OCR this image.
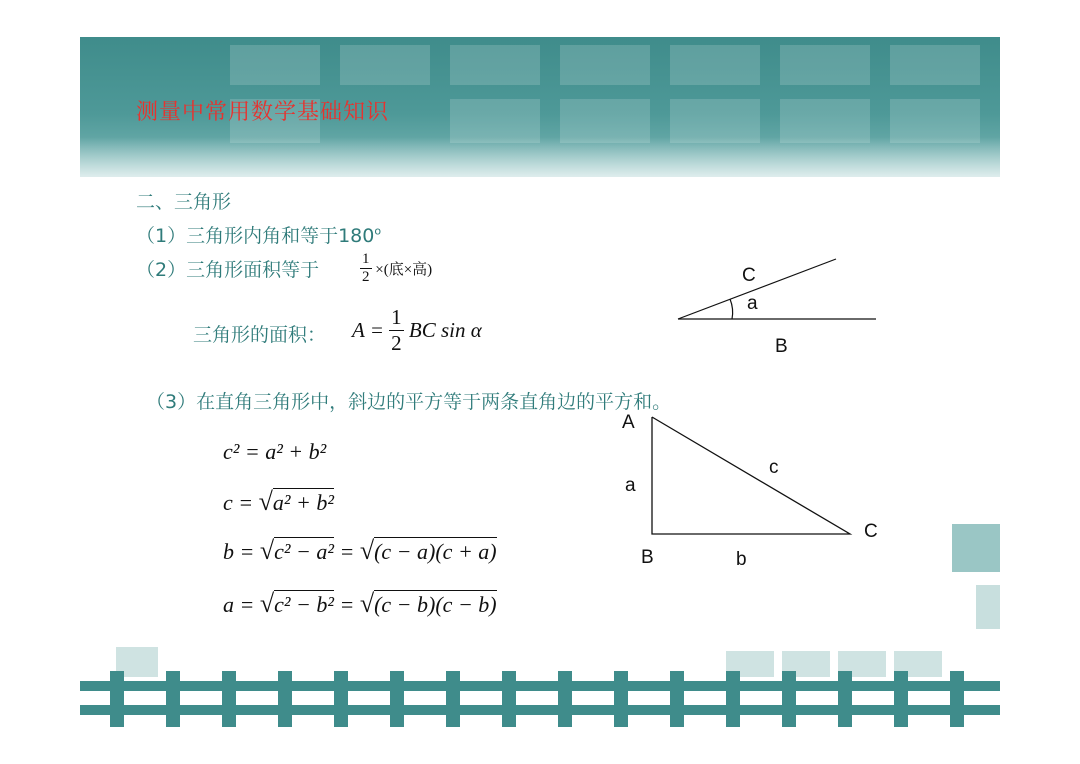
测量中常用数学基础知识
二、三角形
（1）三角形内角和等于180$^o$
（2）三角形面积等于	$\frac{1}{2}$ ×(底×高)
三角形的面积： $A = \frac{1}{2}$ BC sin α
（3）在直角三角形中，斜边的平方等于两条直角边的平方和。
c² = a² + b²
c = √a² + b²
b = √c² − a² = √(c − a)(c + a)
a = √c² − b² = √(c − b)(c − b)
C
a
B
A
a
B	b
c
C
